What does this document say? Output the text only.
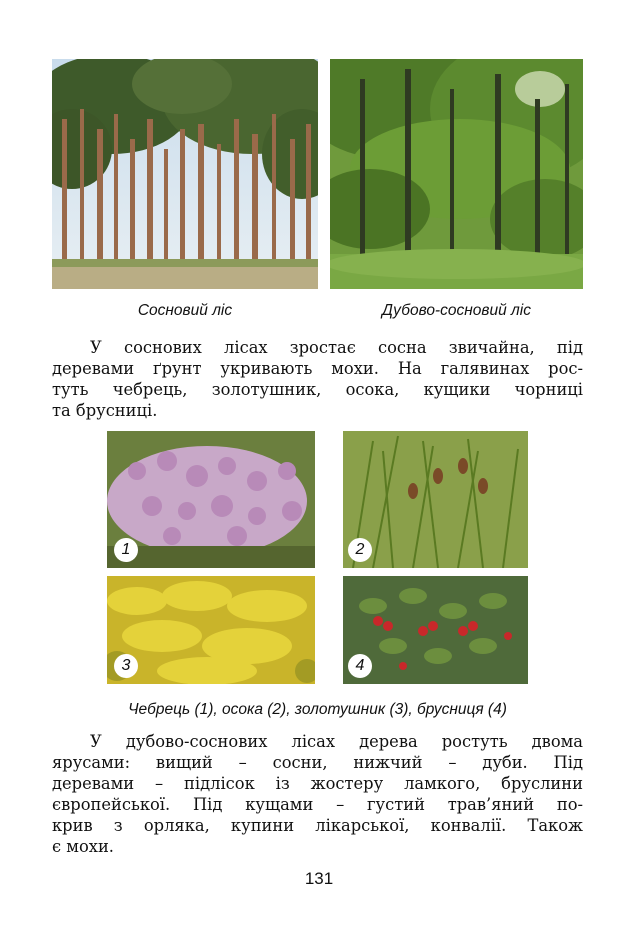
Сосновий ліс	Дубово-сосновий ліс
У соснових лісах зростає сосна звичайна, під
деревами ґрунт укривають мохи. На галявинах рос-
туть чебрець, золотушник, осока, кущики чорниці
та брусниці.
1	2
3	4
Чебрець (1), осока (2), золотушник (3), брусниця (4)
У дубово-соснових лісах дерева ростуть двома
ярусами: вищий – сосни, нижчий – дуби. Під
деревами – підлісок із жостеру ламкого, бруслини
європейської. Під кущами – густий трав’яний по-
крив з орляка, купини лікарської, конвалії. Також
є мохи.
131
